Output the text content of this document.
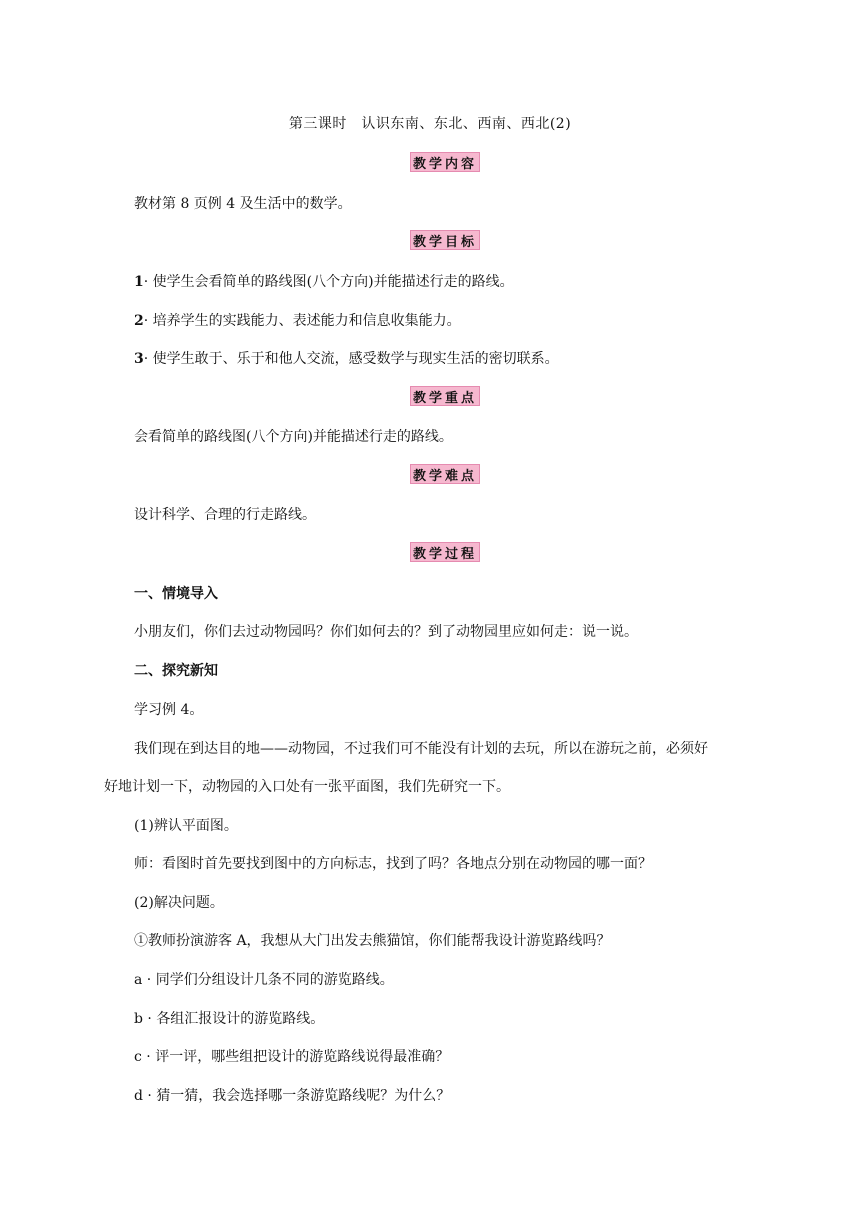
第三课时　认识东南、东北、西南、西北(2)
教学内容
教材第 8 页例 4 及生活中的数学。
教学目标
1· 使学生会看简单的路线图(八个方向)并能描述行走的路线。
2· 培养学生的实践能力、表述能力和信息收集能力。
3· 使学生敢于、乐于和他人交流，感受数学与现实生活的密切联系。
教学重点
会看简单的路线图(八个方向)并能描述行走的路线。
教学难点
设计科学、合理的行走路线。
教学过程
一、情境导入
小朋友们，你们去过动物园吗？你们如何去的？到了动物园里应如何走：说一说。
二、探究新知
学习例 4。
我们现在到达目的地——动物园，不过我们可不能没有计划的去玩，所以在游玩之前，必须好
好地计划一下，动物园的入口处有一张平面图，我们先研究一下。
(1)辨认平面图。
师：看图时首先要找到图中的方向标志，找到了吗？各地点分别在动物园的哪一面？
(2)解决问题。
①教师扮演游客 A，我想从大门出发去熊猫馆，你们能帮我设计游览路线吗？
a · 同学们分组设计几条不同的游览路线。
b · 各组汇报设计的游览路线。
c · 评一评，哪些组把设计的游览路线说得最准确？
d · 猜一猜，我会选择哪一条游览路线呢？为什么？
